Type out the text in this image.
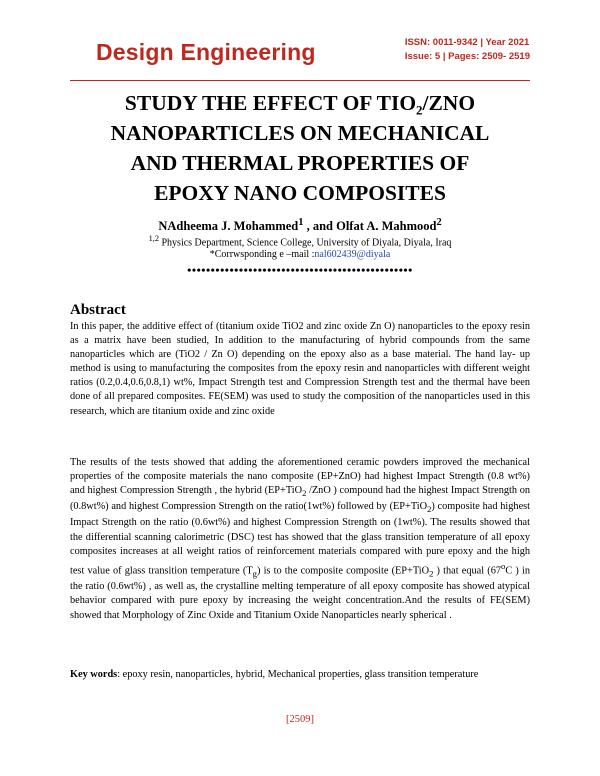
Design Engineering	ISSN: 0011-9342 | Year 2021
Issue: 5 | Pages: 2509- 2519
STUDY THE EFFECT OF TIO₂/ZNO
NANOPARTICLES ON MECHANICAL
AND THERMAL PROPERTIES OF
EPOXY NANO COMPOSITES
NAdheema J. Mohammed$^1$ , and Olfat A. Mahmood$^2$
$^{1,2}$ Physics Department, Science College, University of Diyala, Diyala, Iraq
*Corrwsponding e –mail :nal602439@diyala
••••••••••••••••••••••••••••••••••••••••••••••••
Abstract

In this paper, the additive effect of (titanium oxide TiO2 and zinc oxide Zn O) nanoparticles to the epoxy resin as a matrix have been studied, In addition to the manufacturing of hybrid compounds from the same nanoparticles which are (TiO2 / Zn O) depending on the epoxy also as a base material. The hand lay- up method is using to manufacturing the composites from the epoxy resin and nanoparticles with different weight ratios (0.2,0.4,0.6,0.8,1) wt%, Impact Strength test and Compression Strength test and the thermal have been done of all prepared composites. FE(SEM) was used to study the composition of the nanoparticles used in this research, which are titanium oxide and zinc oxide

The results of the tests showed that adding the aforementioned ceramic powders improved the mechanical properties of the composite materials the nano composite (EP+ZnO) had highest Impact Strength (0.8 wt%) and highest Compression Strength , the hybrid (EP+TiO$_2$ /ZnO ) compound had the highest Impact Strength on (0.8wt%) and highest Compression Strength on the ratio(1wt%) followed by (EP+TiO$_2$) composite had highest Impact Strength on the ratio (0.6wt%) and highest Compression Strength on (1wt%). The results showed that the differential scanning calorimetric (DSC) test has showed that the glass transition temperature of all epoxy composites increases at all weight ratios of reinforcement materials compared with pure epoxy and the high test value of glass transition temperature $(T_g)$ is to the composite composite (EP+TiO$_2$ ) that equal (67$^o$C ) in the ratio (0.6wt%) , as well as, the crystalline melting temperature of all epoxy composite has showed atypical behavior compared with pure epoxy by increasing the weight concentration.And the results of FE(SEM) showed that Morphology of Zinc Oxide and Titanium Oxide Nanoparticles nearly spherical .

Key words: epoxy resin, nanoparticles, hybrid, Mechanical properties, glass transition temperature

[2509]
